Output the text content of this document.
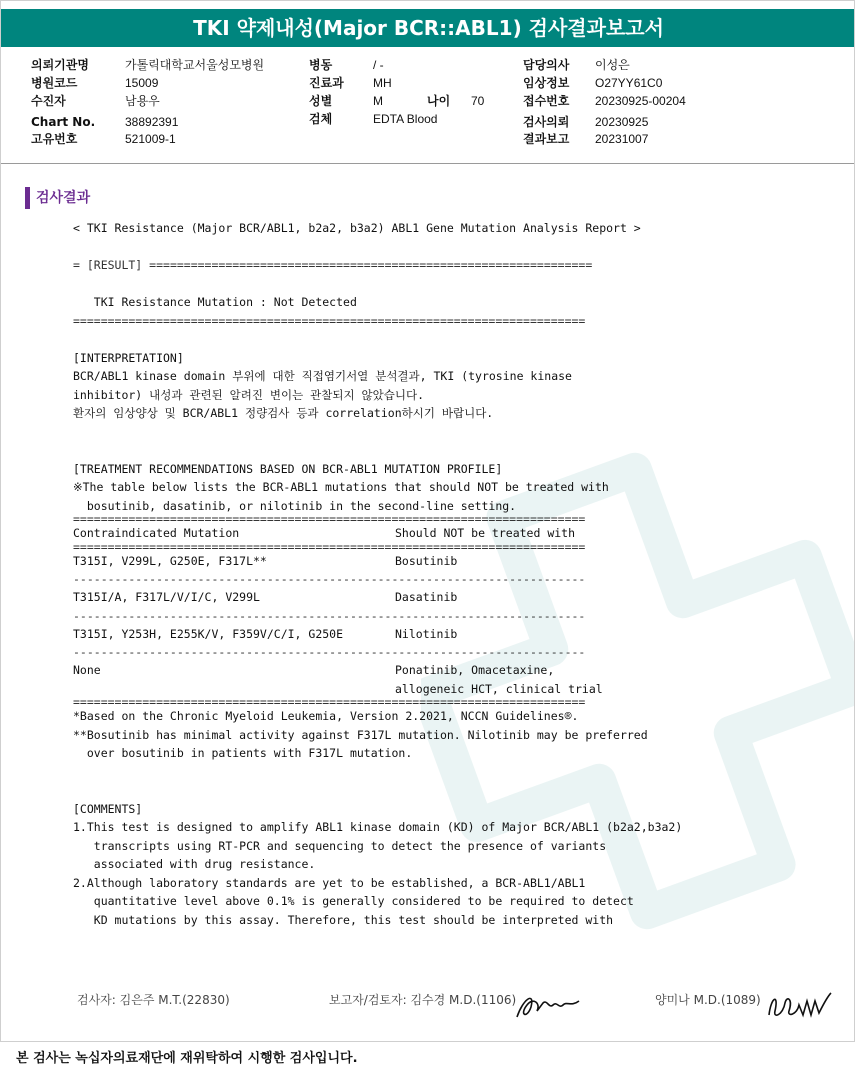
TKI 약제내성(Major BCR::ABL1) 검사결과보고서
의뢰기관명	가톨릭대학교서울성모병원
병원코드	15009
수진자	남용우
Chart No. 38892391
고유번호	521009-1
병동	/ -
진료과 MH
성별	M	나이 70
검체	EDTA Blood
담당의사 이성은
임상정보 O27YY61C0
접수번호 20230925-00204
검사의뢰 20230925
결과보고 20231007
검사결과
< TKI Resistance (Major BCR/ABL1, b2a2, b3a2) ABL1 Gene Mutation Analysis Report >
= [RESULT] ================================================================
TKI Resistance Mutation : Not Detected
==========================================================================
[INTERPRETATION]
BCR/ABL1 kinase domain 부위에 대한 직접염기서열 분석결과, TKI (tyrosine kinase
inhibitor) 내성과 관련된 알려진 변이는 관찰되지 않았습니다.
환자의 임상양상 및 BCR/ABL1 정량검사 등과 correlation하시기 바랍니다.
[TREATMENT RECOMMENDATIONS BASED ON BCR-ABL1 MUTATION PROFILE]
※The table below lists the BCR-ABL1 mutations that should NOT be treated with
bosutinib, dasatinib, or nilotinib in the second-line setting.
==========================================================================
Contraindicated Mutation	Should NOT be treated with
==========================================================================
T315I, V299L, G250E, F317L**	Bosutinib
--------------------------------------------------------------------------
T315I/A, F317L/V/I/C, V299L	Dasatinib
--------------------------------------------------------------------------
T315I, Y253H, E255K/V, F359V/C/I, G250E	Nilotinib
--------------------------------------------------------------------------
None	Ponatinib, Omacetaxine,
allogeneic HCT, clinical trial
==========================================================================
*Based on the Chronic Myeloid Leukemia, Version 2.2021, NCCN Guidelines®.
**Bosutinib has minimal activity against F317L mutation. Nilotinib may be preferred
over bosutinib in patients with F317L mutation.
[COMMENTS]
1.This test is designed to amplify ABL1 kinase domain (KD) of Major BCR/ABL1 (b2a2,b3a2)
transcripts using RT-PCR and sequencing to detect the presence of variants
associated with drug resistance.
2.Although laboratory standards are yet to be established, a BCR-ABL1/ABL1
quantitative level above 0.1% is generally considered to be required to detect
KD mutations by this assay. Therefore, this test should be interpreted with
검사자: 김은주 M.T.(22830)	보고자/검토자: 김수경 M.D.(1106)	양미나 M.D.(1089)
본 검사는 녹십자의료재단에 재위탁하여 시행한 검사입니다.
